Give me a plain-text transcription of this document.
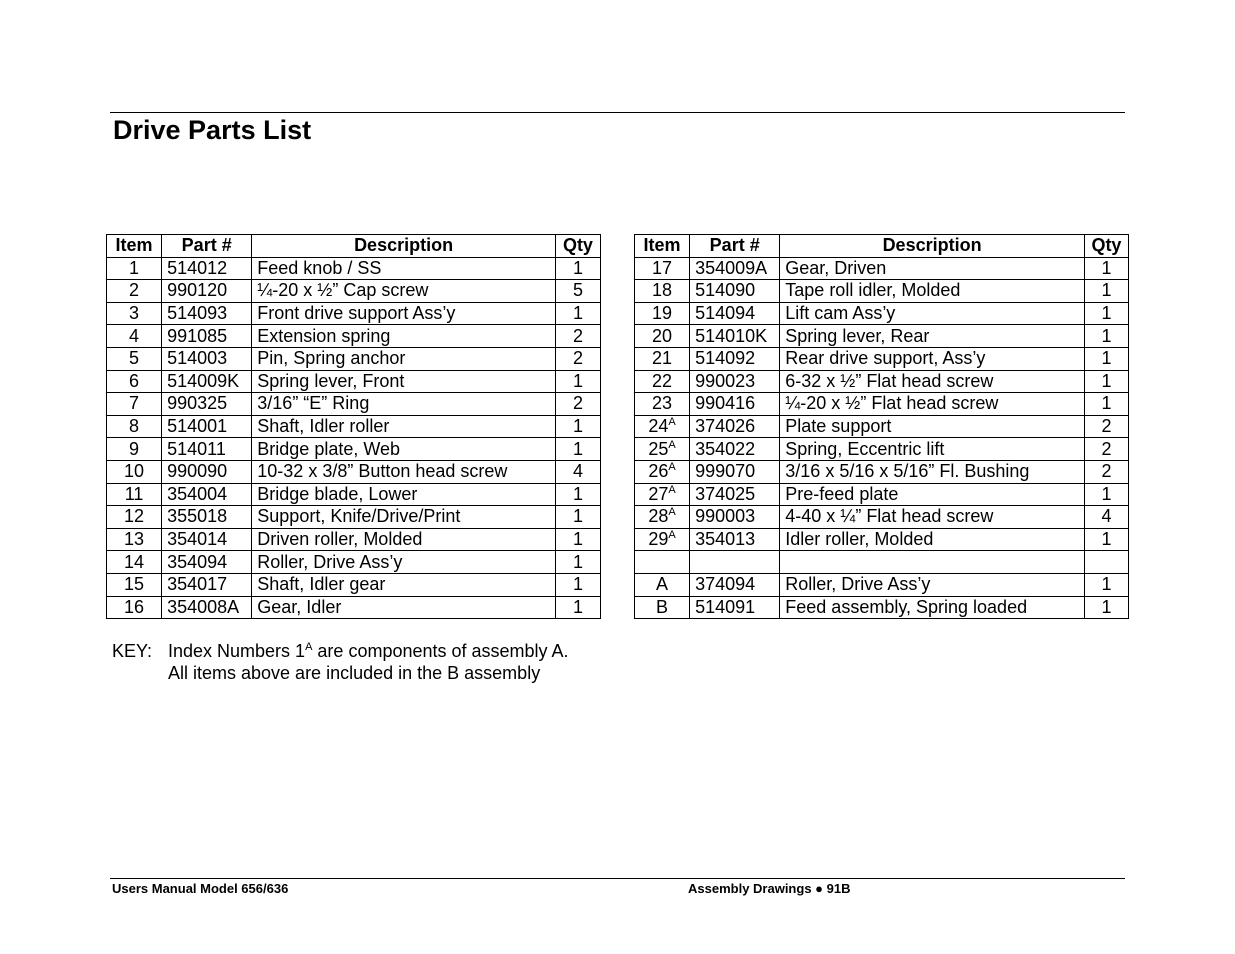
Drive Parts List
Item	Part #	Description	Qty
1	514012	Feed knob / SS	1
2	990120	¼-20 x ½” Cap screw	5
3	514093	Front drive support Ass’y	1
4	991085	Extension spring	2
5	514003	Pin, Spring anchor	2
6	514009K	Spring lever, Front	1
7	990325	3/16” “E” Ring	2
8	514001	Shaft, Idler roller	1
9	514011	Bridge plate, Web	1
10	990090	10-32 x 3/8” Button head screw	4
11	354004	Bridge blade, Lower	1
12	355018	Support, Knife/Drive/Print	1
13	354014	Driven roller, Molded	1
14	354094	Roller, Drive Ass’y	1
15	354017	Shaft, Idler gear	1
16	354008A	Gear, Idler	1
Item	Part #	Description	Qty
17	354009A	Gear, Driven	1
18	514090	Tape roll idler, Molded	1
19	514094	Lift cam Ass’y	1
20	514010K	Spring lever, Rear	1
21	514092	Rear drive support, Ass’y	1
22	990023	6-32 x ½” Flat head screw	1
23	990416	¼-20 x ½” Flat head screw	1
$24^A$	374026	Plate support	2
$25^A$	354022	Spring, Eccentric lift	2
$26^A$	999070	3/16 x 5/16 x 5/16” Fl. Bushing	2
$27^A$	374025	Pre-feed plate	1
$28^A$	990003	4-40 x ¼” Flat head screw	4
$29^A$	354013	Idler roller, Molded	1

A	374094	Roller, Drive Ass’y	1
B	514091	Feed assembly, Spring loaded	1
KEY: Index Numbers $1^A$ are components of assembly A.
All items above are included in the B assembly
Users Manual Model 656/636	Assembly Drawings ● 91B
